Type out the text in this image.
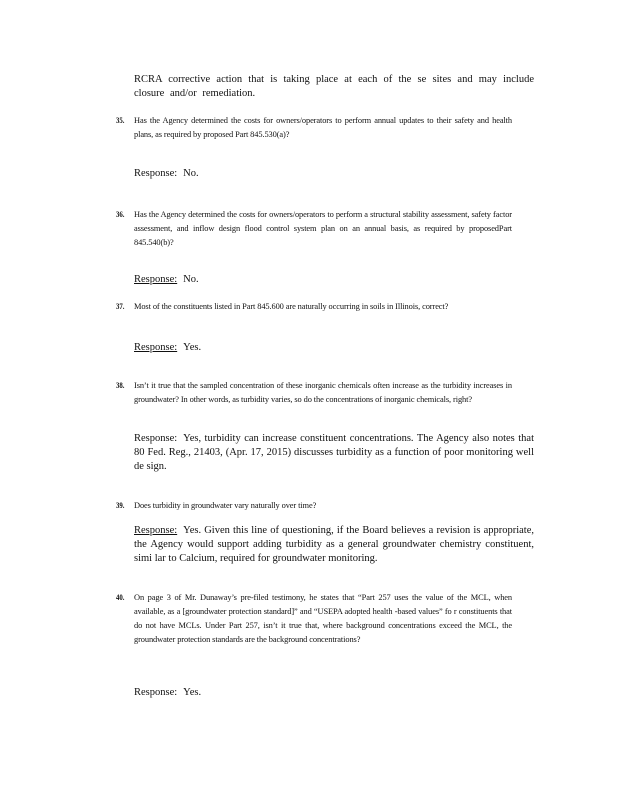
RCRA corrective action that is taking place at each of the se sites and may include closure and/or remediation.

35. Has the Agency determined the costs for owners/operators to perform annual updates to their safety and health plans, as required by proposed Part 845.530(a)?

Response: No.

36. Has the Agency determined the costs for owners/operators to perform a structural stability assessment, safety factor assessment, and inflow design flood control system plan on an annual basis, as required by proposedPart 845.540(b)?

Response: No.

37. Most of the constituents listed in Part 845.600 are naturally occurring in soils in Illinois, correct?

Response: Yes.

38. Isn’t it true that the sampled concentration of these inorganic chemicals often increase as the turbidity increases in groundwater? In other words, as turbidity varies, so do the concentrations of inorganic chemicals, right?

Response: Yes, turbidity can increase constituent concentrations. The Agency also notes that 80 Fed. Reg., 21403, (Apr. 17, 2015) discusses turbidity as a function of poor monitoring well de sign.

39. Does turbidity in groundwater vary naturally over time?

Response: Yes. Given this line of questioning, if the Board believes a revision is appropriate, the Agency would support adding turbidity as a general groundwater chemistry constituent, simi lar to Calcium, required for groundwater monitoring.

40. On page 3 of Mr. Dunaway’s pre-filed testimony, he states that “Part 257 uses the value of the MCL, when available, as a [groundwater protection standard]” and “USEPA adopted health -based values” fo r constituents that do not have MCLs. Under Part 257, isn’t it true that, where background concentrations exceed the MCL, the groundwater protection standards are the background concentrations?

Response: Yes.
